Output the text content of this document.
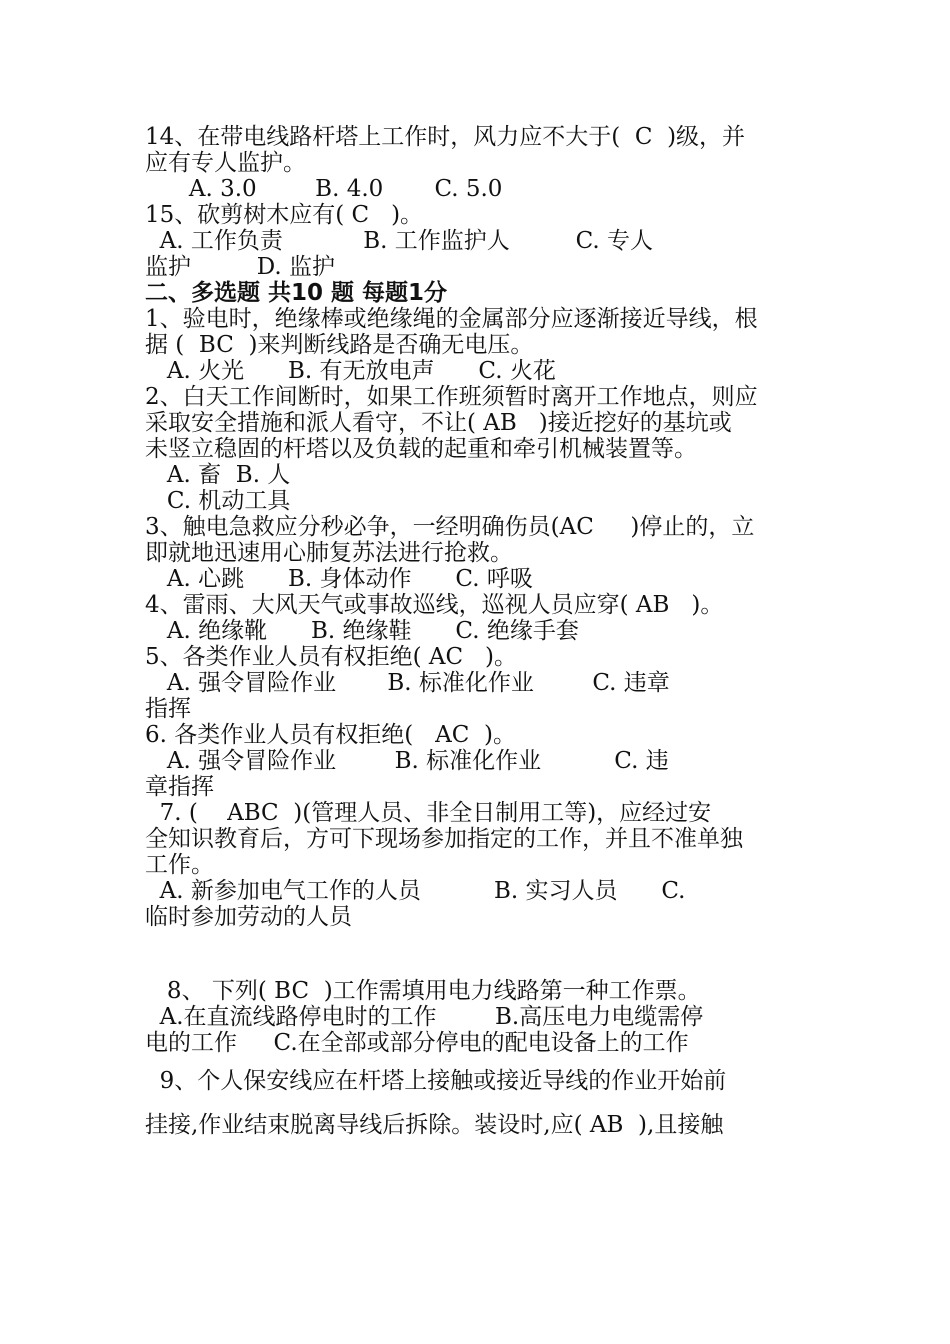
14、在带电线路杆塔上工作时，风力应不大于(  C  )级，并
应有专人监护。
A. 3.0        B. 4.0       C. 5.0
15、砍剪树木应有( C   )。
A. 工作负责           B. 工作监护人         C. 专人
监护         D. 监护
二、多选题 共10 题 每题1分
1、验电时，绝缘棒或绝缘绳的金属部分应逐渐接近导线，根
据 (  BC  )来判断线路是否确无电压。
A. 火光      B. 有无放电声      C. 火花
2、白天工作间断时，如果工作班须暂时离开工作地点，则应
采取安全措施和派人看守，不让( AB   )接近挖好的基坑或
未竖立稳固的杆塔以及负载的起重和牵引机械装置等。
A. 畜  B. 人
C. 机动工具
3、触电急救应分秒必争，一经明确伤员(AC     )停止的，立
即就地迅速用心肺复苏法进行抢救。
A. 心跳      B. 身体动作      C. 呼吸
4、雷雨、大风天气或事故巡线，巡视人员应穿( AB   )。
A. 绝缘靴      B. 绝缘鞋      C. 绝缘手套
5、各类作业人员有权拒绝( AC   )。
A. 强令冒险作业       B. 标准化作业        C. 违章
指挥
6. 各类作业人员有权拒绝(   AC  )。
A. 强令冒险作业        B. 标准化作业          C. 违
章指挥
7. (    ABC  )(管理人员、非全日制用工等)，应经过安
全知识教育后，方可下现场参加指定的工作，并且不准单独
工作。
A. 新参加电气工作的人员          B. 实习人员      C.
临时参加劳动的人员
8、 下列( BC  )工作需填用电力线路第一种工作票。
A.在直流线路停电时的工作        B.高压电力电缆需停
电的工作     C.在全部或部分停电的配电设备上的工作
9、个人保安线应在杆塔上接触或接近导线的作业开始前
挂接,作业结束脱离导线后拆除。装设时,应( AB  ),且接触
